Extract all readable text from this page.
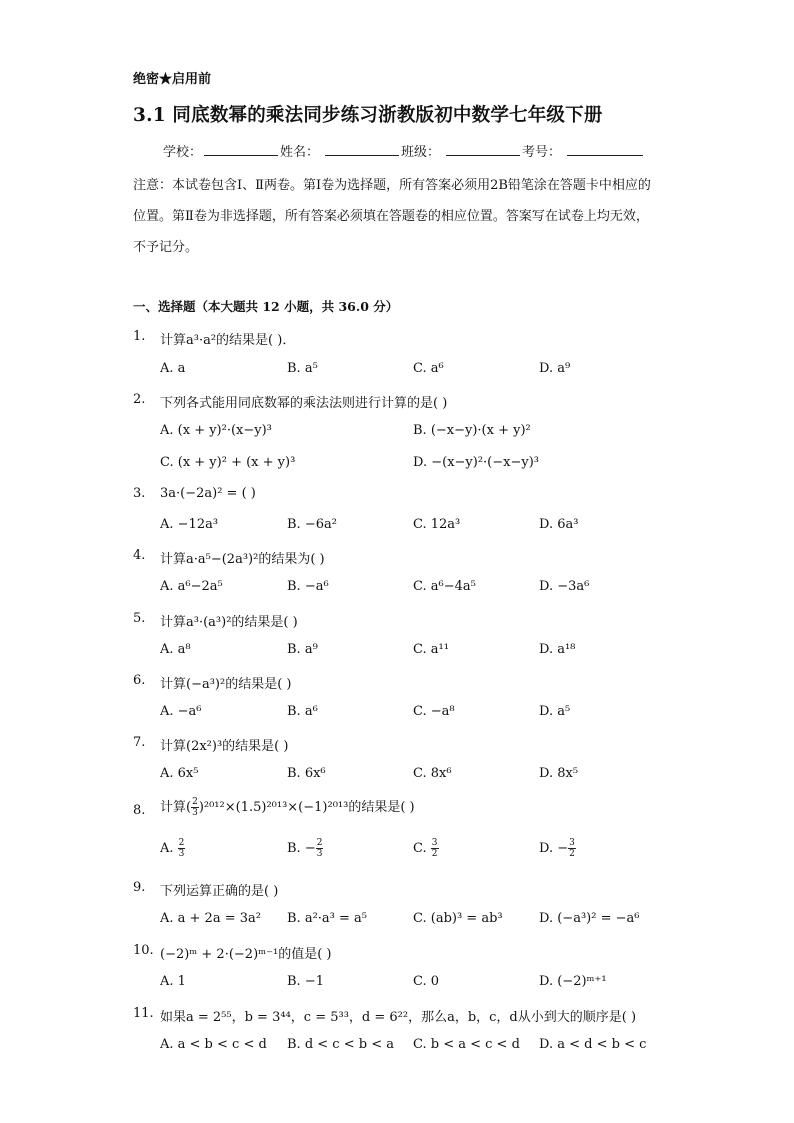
绝密★启用前
3.1 同底数幂的乘法同步练习浙教版初中数学七年级下册
学校：	姓名：	班级：	考号：
注意：本试卷包含Ⅰ、Ⅱ两卷。第Ⅰ卷为选择题，所有答案必须用2B铅笔涂在答题卡中相应的位置。第Ⅱ卷为非选择题，所有答案必须填在答题卷的相应位置。答案写在试卷上均无效，不予记分。
一、选择题（本大题共 12 小题，共 36.0 分）
1. 计算a³·a²的结果是( )．
A. a	B. a⁵	C. a⁶	D. a⁹
2. 下列各式能用同底数幂的乘法法则进行计算的是( )
A. (x + y)²·(x−y)³	B. (−x−y)·(x + y)²
C. (x + y)² + (x + y)³	D. −(x−y)²·(−x−y)³
3. 3a·(−2a)² = ( )
A. −12a³	B. −6a²	C. 12a³	D. 6a³
4. 计算a·a⁵−(2a³)²的结果为( )
A. a⁶−2a⁵	B. −a⁶	C. a⁶−4a⁵	D. −3a⁶
5. 计算a³·(a³)²的结果是( )
A. a⁸	B. a⁹	C. a¹¹	D. a¹⁸
6. 计算(−a³)²的结果是( )
A. −a⁶	B. a⁶	C. −a⁸	D. a⁵
7. 计算(2x²)³的结果是( )
A. 6x⁵	B. 6x⁶	C. 8x⁶	D. 8x⁵
8. 计算( $\frac{2}{3} )^{2012}\times(1.5)^{2013}\times(-1)^{2013}$的结果是( )
A. $\frac{2}{3}$	B. − $\frac{2}{3}$	C. $\frac{3}{2}$	D. − $\frac{3}{2}$
9. 下列运算正确的是( )
A. a + 2a = 3a² B. a²·a³ = a⁵	C. (ab)³ = ab³	D. (−a³)² = −a⁶
10. (−2)ᵐ + 2·(−2)ᵐ⁻¹的值是( )
A. 1	B. −1	C. 0	D. (−2)ᵐ⁺¹
11. 如果a = 2⁵⁵，b = 3⁴⁴，c = 5³³，d = 6²²，那么a，b，c，d从小到大的顺序是( )
A. a < b < c < d B. d < c < b < a C. b < a < c < d D. a < d < b < c
